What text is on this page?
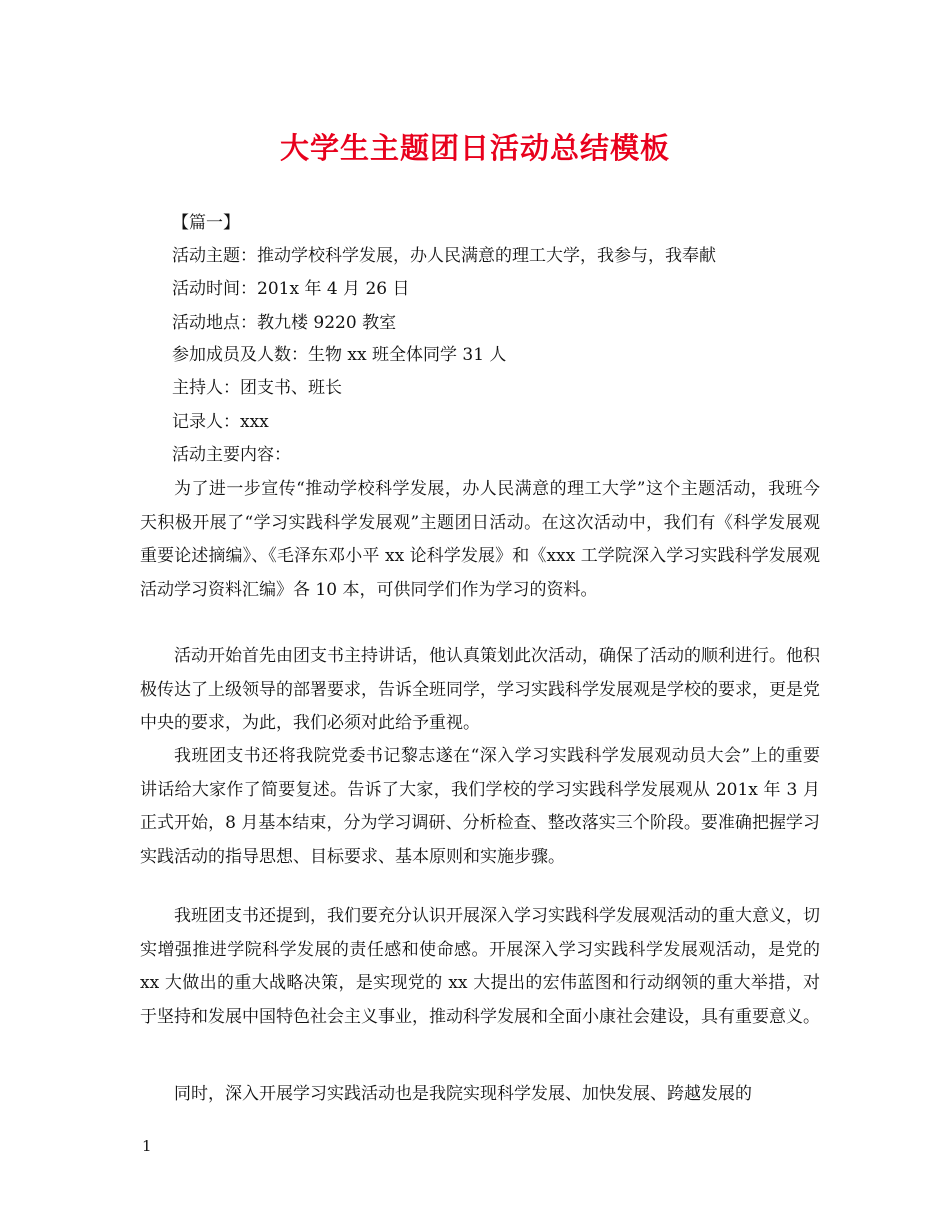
大学生主题团日活动总结模板
【篇一】
活动主题：推动学校科学发展，办人民满意的理工大学，我参与，我奉献
活动时间：201x 年 4 月 26 日
活动地点：教九楼 9220 教室
参加成员及人数：生物 xx 班全体同学 31 人
主持人：团支书、班长
记录人：xxx
活动主要内容：

为了进一步宣传“推动学校科学发展，办人民满意的理工大学”这个主题活动，我班今天积极开展了“学习实践科学发展观”主题团日活动。在这次活动中，我们有《科学发展观重要论述摘编》、《毛泽东邓小平 xx 论科学发展》和《xxx 工学院深入学习实践科学发展观活动学习资料汇编》各 10 本，可供同学们作为学习的资料。

活动开始首先由团支书主持讲话，他认真策划此次活动，确保了活动的顺利进行。他积极传达了上级领导的部署要求，告诉全班同学，学习实践科学发展观是学校的要求，更是党中央的要求，为此，我们必须对此给予重视。

我班团支书还将我院党委书记黎志遂在“深入学习实践科学发展观动员大会”上的重要讲话给大家作了简要复述。告诉了大家，我们学校的学习实践科学发展观从 201x 年 3 月正式开始，8 月基本结束，分为学习调研、分析检查、整改落实三个阶段。要准确把握学习实践活动的指导思想、目标要求、基本原则和实施步骤。

我班团支书还提到，我们要充分认识开展深入学习实践科学发展观活动的重大意义，切实增强推进学院科学发展的责任感和使命感。开展深入学习实践科学发展观活动，是党的 xx 大做出的重大战略决策，是实现党的 xx 大提出的宏伟蓝图和行动纲领的重大举措，对于坚持和发展中国特色社会主义事业，推动科学发展和全面小康社会建设，具有重要意义。

同时，深入开展学习实践活动也是我院实现科学发展、加快发展、跨越发展的

1
